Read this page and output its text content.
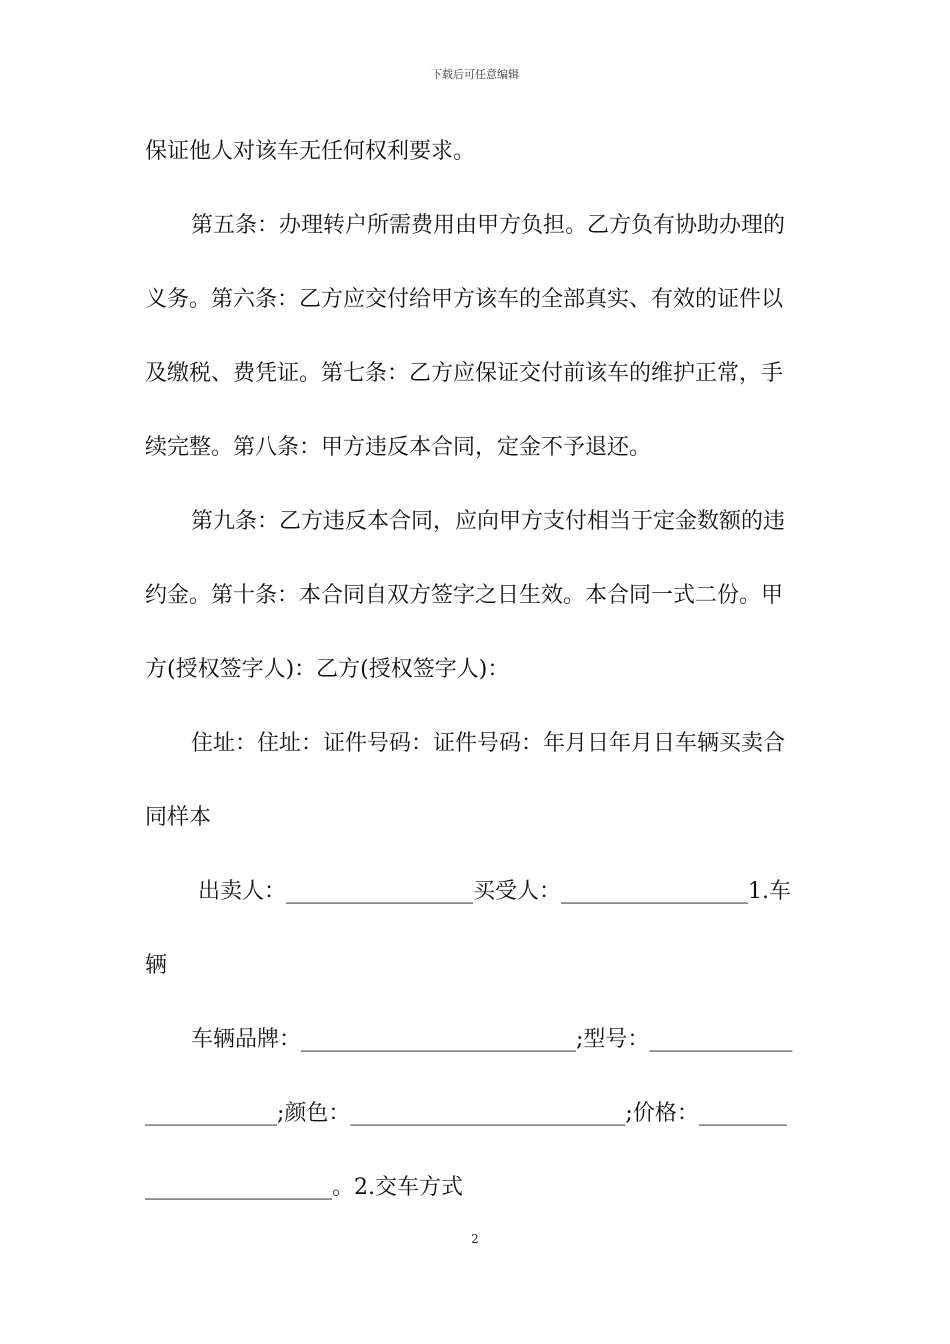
下载后可任意编辑
保证他人对该车无任何权利要求。
第五条：办理转户所需费用由甲方负担。乙方负有协助办理的
义务。第六条：乙方应交付给甲方该车的全部真实、有效的证件以
及缴税、费凭证。第七条：乙方应保证交付前该车的维护正常，手
续完整。第八条：甲方违反本合同，定金不予退还。
第九条：乙方违反本合同，应向甲方支付相当于定金数额的违
约金。第十条：本合同自双方签字之日生效。本合同一式二份。甲
方(授权签字人)：乙方(授权签字人)：
住址：住址：证件号码：证件号码：年月日年月日车辆买卖合
同样本
出卖人：_________________买受人：_________________1.车
辆
车辆品牌：_________________________;型号：_____________
____________;颜色：_________________________;价格：________
_________________。2.交车方式
2
